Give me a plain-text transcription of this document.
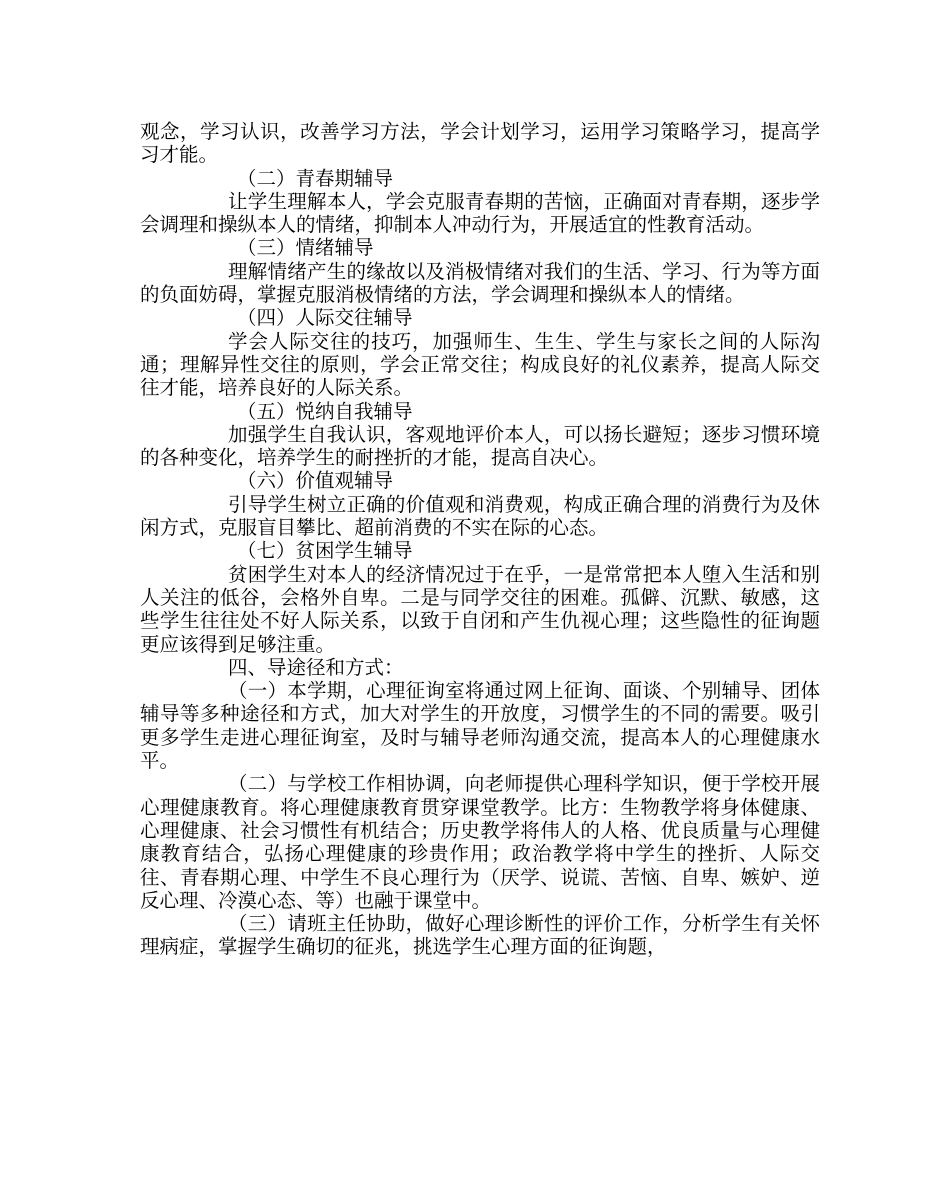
观念，学习认识，改善学习方法，学会计划学习，运用学习策略学习，提高学习才能。

（二）青春期辅导

让学生理解本人，学会克服青春期的苦恼，正确面对青春期，逐步学会调理和操纵本人的情绪，抑制本人冲动行为，开展适宜的性教育活动。

（三）情绪辅导

理解情绪产生的缘故以及消极情绪对我们的生活、学习、行为等方面的负面妨碍，掌握克服消极情绪的方法，学会调理和操纵本人的情绪。

（四）人际交往辅导

学会人际交往的技巧，加强师生、生生、学生与家长之间的人际沟通；理解异性交往的原则，学会正常交往；构成良好的礼仪素养，提高人际交往才能，培养良好的人际关系。

（五）悦纳自我辅导

加强学生自我认识，客观地评价本人，可以扬长避短；逐步习惯环境的各种变化，培养学生的耐挫折的才能，提高自决心。

（六）价值观辅导

引导学生树立正确的价值观和消费观，构成正确合理的消费行为及休闲方式，克服盲目攀比、超前消费的不实在际的心态。

（七）贫困学生辅导

贫困学生对本人的经济情况过于在乎，一是常常把本人堕入生活和别人关注的低谷，会格外自卑。二是与同学交往的困难。孤僻、沉默、敏感，这些学生往往处不好人际关系，以致于自闭和产生仇视心理；这些隐性的征询题更应该得到足够注重。

四、导途径和方式：

（一）本学期，心理征询室将通过网上征询、面谈、个别辅导、团体辅导等多种途径和方式，加大对学生的开放度，习惯学生的不同的需要。吸引更多学生走进心理征询室，及时与辅导老师沟通交流，提高本人的心理健康水平。

（二）与学校工作相协调，向老师提供心理科学知识，便于学校开展心理健康教育。将心理健康教育贯穿课堂教学。比方：生物教学将身体健康、心理健康、社会习惯性有机结合；历史教学将伟人的人格、优良质量与心理健康教育结合，弘扬心理健康的珍贵作用；政治教学将中学生的挫折、人际交往、青春期心理、中学生不良心理行为（厌学、说谎、苦恼、自卑、嫉妒、逆反心理、冷漠心态、等）也融于课堂中。

（三）请班主任协助，做好心理诊断性的评价工作，分析学生有关怀理病症，掌握学生确切的征兆，挑选学生心理方面的征询题，
